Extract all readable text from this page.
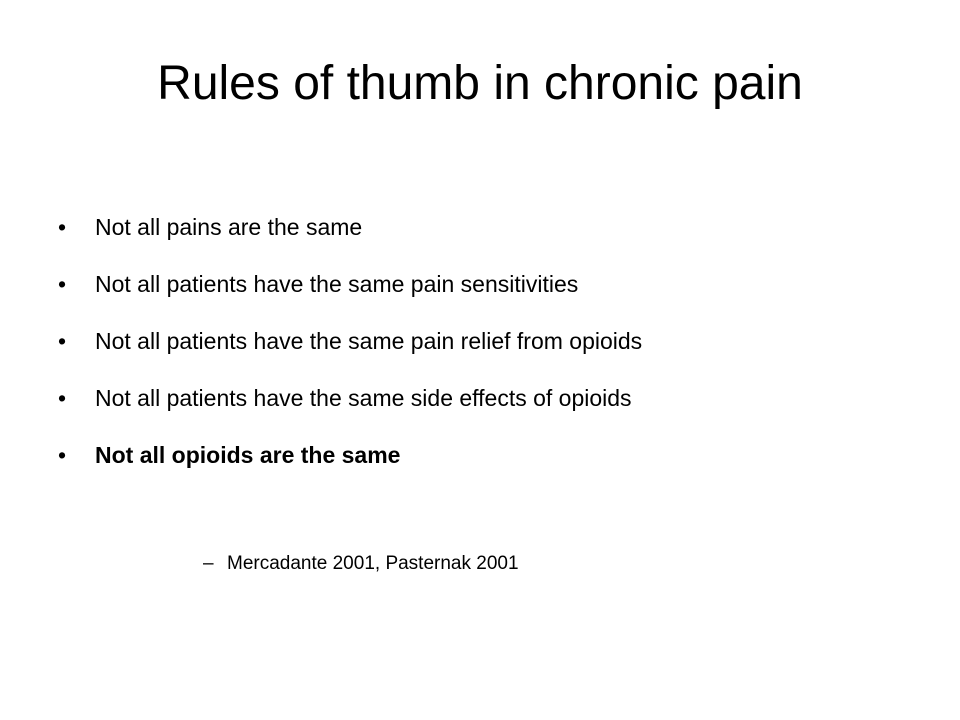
Rules of thumb in chronic pain
•	Not all pains are the same
•	Not all patients have the same pain sensitivities
•	Not all patients have the same pain relief from opioids
•	Not all patients have the same side effects of opioids
•	Not all opioids are the same
– Mercadante 2001, Pasternak 2001
